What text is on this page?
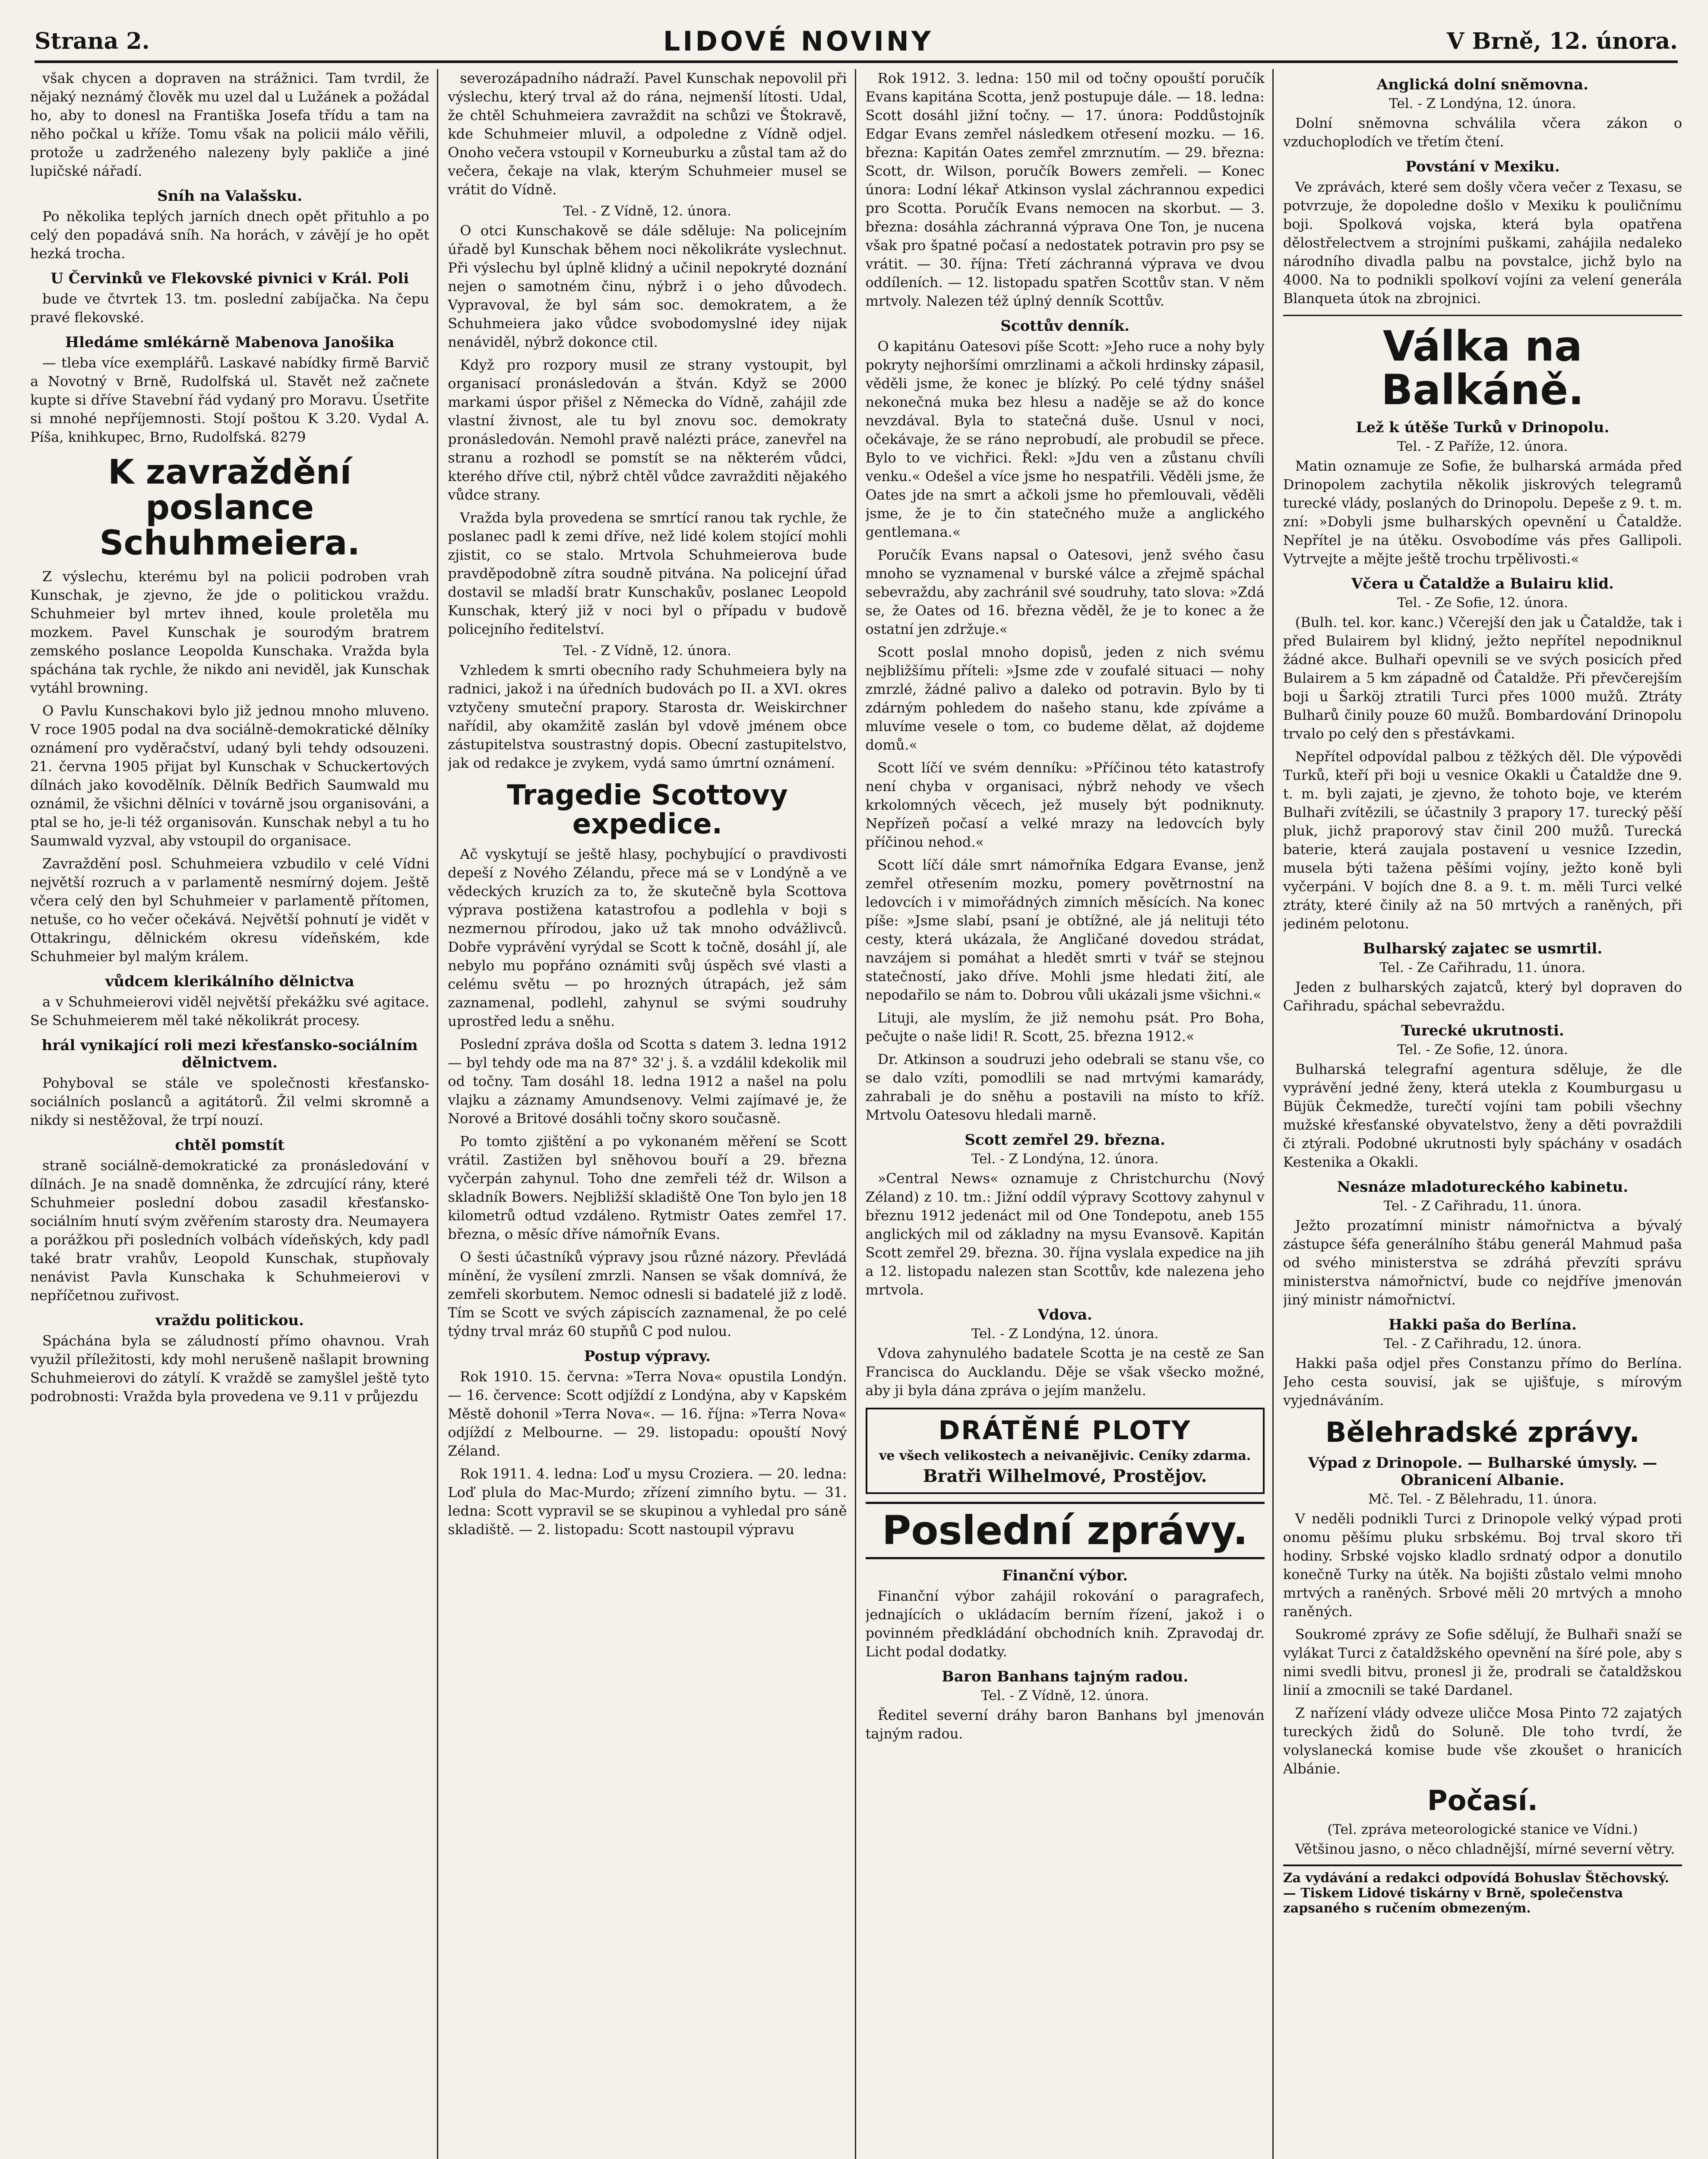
Strana 2.	LIDOVÉ NOVINY	V Brně, 12. února.

však chycen a dopraven na strážnici. Tam tvrdil, že nějaký neznámý člověk mu uzel dal u Lužánek a požádal ho, aby to donesl na Františka Josefa třídu a tam na něho počkal u kříže. Tomu však na policii málo věřili, protože u zadrženého nalezeny byly pakliče a jiné lupičské nářadí.

Sníh na Valašsku.

Po několika teplých jarních dnech opět přituhlo a po celý den popadává sníh. Na horách, v závějí je ho opět hezká trocha.

U Červinků ve Flekovské pivnici v Král. Poli

bude ve čtvrtek 13. tm. poslední zabíjačka. Na čepu pravé flekovské.

Hledáme smlékárně Mabenova Janošika

— tleba více exemplářů. Laskavé nabídky firmě Barvič a Novotný v Brně, Rudolfská ul. Stavět než začnete kupte si dříve Stavební řád vydaný pro Moravu. Úsetřite si mnohé nepříjemnosti. Stojí poštou K 3.20. Vydal A. Píša, knihkupec, Brno, Rudolfská. 8279

K zavraždění poslance Schuhmeiera.

Z výslechu, kterému byl na policii podroben vrah Kunschak, je zjevno, že jde o politickou vraždu. Schuhmeier byl mrtev ihned, koule proletěla mu mozkem. Pavel Kunschak je sourodým bratrem zemského poslance Leopolda Kunschaka. Vražda byla spáchána tak rychle, že nikdo ani neviděl, jak Kunschak vytáhl browning.

O Pavlu Kunschakovi bylo již jednou mnoho mluveno. V roce 1905 podal na dva sociálně-demokratické dělníky oznámení pro vyděračství, udaný byli tehdy odsouzeni. 21. června 1905 přijat byl Kunschak v Schuckertových dílnách jako kovodělník. Dělník Bedřich Saumwald mu oznámil, že všichni dělníci v továrně jsou organisováni, a ptal se ho, je-li též organisován. Kunschak nebyl a tu ho Saumwald vyzval, aby vstoupil do organisace.

Zavraždění posl. Schuhmeiera vzbudilo v celé Vídni největší rozruch a v parlamentě nesmírný dojem. Ještě včera celý den byl Schuhmeier v parlamentě přítomen, netuše, co ho večer očekává. Největší pohnutí je vidět v Ottakringu, dělnickém okresu vídeňském, kde Schuhmeier byl malým králem.

vůdcem klerikálního dělnictva

a v Schuhmeierovi viděl největší překážku své agitace. Se Schuhmeierem měl také několikrát procesy.

hrál vynikající roli mezi křesťansko-sociálním dělnictvem.

Pohyboval se stále ve společnosti křesťansko-sociálních poslanců a agitátorů. Žil velmi skromně a nikdy si nestěžoval, že trpí nouzí.

chtěl pomstít

straně sociálně-demokratické za pronásledování v dílnách. Je na snadě domněnka, že zdrcující rány, které Schuhmeier poslední dobou zasadil křesťansko-sociálním hnutí svým zvěřením starosty dra. Neumayera a porážkou při posledních volbách vídeňských, kdy padl také bratr vrahův, Leopold Kunschak, stupňovaly nenávist Pavla Kunschaka k Schuhmeierovi v nepříčetnou zuřivost.

vraždu politickou.

Spáchána byla se záludností přímo ohavnou. Vrah využil příležitosti, kdy mohl nerušeně našlapit browning Schuhmeierovi do zátylí. K vraždě se zamyšlel ještě tyto podrobnosti: Vražda byla provedena ve 9.11 v průjezdu

severozápadního nádraží. Pavel Kunschak nepovolil při výslechu, který trval až do rána, nejmenší lítosti. Udal, že chtěl Schuhmeiera zavraždit na schůzi ve Štokravě, kde Schuhmeier mluvil, a odpoledne z Vídně odjel. Onoho večera vstoupil v Korneuburku a zůstal tam až do večera, čekaje na vlak, kterým Schuhmeier musel se vrátit do Vídně.

Tel. - Z Vídně, 12. února.

O otci Kunschakově se dále sděluje: Na policejním úřadě byl Kunschak během noci několikráte vyslechnut. Při výslechu byl úplně klidný a učinil nepokryté doznání nejen o samotném činu, nýbrž i o jeho důvodech. Vypravoval, že byl sám soc. demokratem, a že Schuhmeiera jako vůdce svobodomyslné idey nijak nenáviděl, nýbrž dokonce ctil.

Když pro rozpory musil ze strany vystoupit, byl organisací pronásledován a štván. Když se 2000 markami úspor přišel z Německa do Vídně, zahájil zde vlastní živnost, ale tu byl znovu soc. demokraty pronásledován. Nemohl pravě nalézti práce, zanevřel na stranu a rozhodl se pomstít se na některém vůdci, kterého dříve ctil, nýbrž chtěl vůdce zavražditi nějakého vůdce strany.

Vražda byla provedena se smrtící ranou tak rychle, že poslanec padl k zemi dříve, než lidé kolem stojící mohli zjistit, co se stalo. Mrtvola Schuhmeierova bude pravděpodobně zítra soudně pitvána. Na policejní úřad dostavil se mladší bratr Kunschakův, poslanec Leopold Kunschak, který již v noci byl o případu v budově policejního ředitelství.

Tel. - Z Vídně, 12. února.

Vzhledem k smrti obecního rady Schuhmeiera byly na radnici, jakož i na úředních budovách po II. a XVI. okres vztyčeny smuteční prapory. Starosta dr. Weiskirchner nařídil, aby okamžitě zaslán byl vdově jménem obce zástupitelstva soustrastný dopis. Obecní zastupitelstvo, jak od redakce je zvykem, vydá samo úmrtní oznámení.

Tragedie Scottovy expedice.

Ač vyskytují se ještě hlasy, pochybující o pravdivosti depeší z Nového Zélandu, přece má se v Londýně a ve vědeckých kruzích za to, že skutečně byla Scottova výprava postižena katastrofou a podlehla v boji s nezmernou přírodou, jako už tak mnoho odvážlivců. Dobře vyprávění vyrýdal se Scott k točně, dosáhl jí, ale nebylo mu popřáno oznámiti svůj úspěch své vlasti a celému světu — po hrozných útrapách, jež sám zaznamenal, podlehl, zahynul se svými soudruhy uprostřed ledu a sněhu.

Poslední zpráva došla od Scotta s datem 3. ledna 1912 — byl tehdy ode ma na 87° 32' j. š. a vzdálil kdekolik mil od točny. Tam dosáhl 18. ledna 1912 a našel na polu vlajku a záznamy Amundsenovy. Velmi zajímavé je, že Norové a Britové dosáhli točny skoro současně.

Po tomto zjištění a po vykonaném měření se Scott vrátil. Zastižen byl sněhovou bouří a 29. března vyčerpán zahynul. Toho dne zemřeli též dr. Wilson a skladník Bowers. Nejbližší skladiště One Ton bylo jen 18 kilometrů odtud vzdáleno. Rytmistr Oates zemřel 17. března, o měsíc dříve námořník Evans.

O šesti účastníků výpravy jsou různé názory. Převládá mínění, že vysílení zmrzli. Nansen se však domnívá, že zemřeli skorbutem. Nemoc odnesli si badatelé již z lodě. Tím se Scott ve svých zápiscích zaznamenal, že po celé týdny trval mráz 60 stupňů C pod nulou.

Postup výpravy.

Rok 1910. 15. června: »Terra Nova« opustila Londýn. — 16. července: Scott odjíždí z Londýna, aby v Kapském Městě dohonil »Terra Nova«. — 16. října: »Terra Nova« odjíždí z Melbourne. — 29. listopadu: opouští Nový Zéland.

Rok 1911. 4. ledna: Loď u mysu Croziera. — 20. ledna: Loď plula do Mac-Murdo; zřízení zimního bytu. — 31. ledna: Scott vypravil se se skupinou a vyhledal pro sáně skladiště. — 2. listopadu: Scott nastoupil výpravu

Rok 1912. 3. ledna: 150 mil od točny opouští poručík Evans kapitána Scotta, jenž postupuje dále. — 18. ledna: Scott dosáhl jižní točny. — 17. února: Poddůstojník Edgar Evans zemřel následkem otřesení mozku. — 16. března: Kapitán Oates zemřel zmrznutím. — 29. března: Scott, dr. Wilson, poručík Bowers zemřeli. — Konec února: Lodní lékař Atkinson vyslal záchrannou expedici pro Scotta. Poručík Evans nemocen na skorbut. — 3. března: dosáhla záchranná výprava One Ton, je nucena však pro špatné počasí a nedostatek potravin pro psy se vrátit. — 30. října: Třetí záchranná výprava ve dvou oddíleních. — 12. listopadu spatřen Scottův stan. V něm mrtvoly. Nalezen též úplný denník Scottův.

Scottův denník.

O kapitánu Oatesovi píše Scott: »Jeho ruce a nohy byly pokryty nejhoršími omrzlinami a ačkoli hrdinsky zápasil, věděli jsme, že konec je blízký. Po celé týdny snášel nekonečná muka bez hlesu a naděje se až do konce nevzdával. Byla to statečná duše. Usnul v noci, očekávaje, že se ráno neprobudí, ale probudil se přece. Bylo to ve vichřici. Řekl: »Jdu ven a zůstanu chvíli venku.« Odešel a více jsme ho nespatřili. Věděli jsme, že Oates jde na smrt a ačkoli jsme ho přemlouvali, věděli jsme, že je to čin statečného muže a anglického gentlemana.«

Poručík Evans napsal o Oatesovi, jenž svého času mnoho se vyznamenal v burské válce a zřejmě spáchal sebevraždu, aby zachránil své soudruhy, tato slova: »Zdá se, že Oates od 16. března věděl, že je to konec a že ostatní jen zdržuje.«

Scott poslal mnoho dopisů, jeden z nich svému nejbližšímu příteli: »Jsme zde v zoufalé situaci — nohy zmrzlé, žádné palivo a daleko od potravin. Bylo by ti zdárným pohledem do našeho stanu, kde zpíváme a mluvíme vesele o tom, co budeme dělat, až dojdeme domů.«

Scott líčí ve svém denníku: »Příčinou této katastrofy není chyba v organisaci, nýbrž nehody ve všech krkolomných věcech, jež musely být podniknuty. Nepřízeň počasí a velké mrazy na ledovcích byly příčinou nehod.«

Scott líčí dále smrt námořníka Edgara Evanse, jenž zemřel otřesením mozku, pomery povětrnostní na ledovcích i v mimořádných zimních měsících. Na konec píše: »Jsme slabí, psaní je obtížné, ale já nelituji této cesty, která ukázala, že Angličané dovedou strádat, navzájem si pomáhat a hledět smrti v tvář se stejnou statečností, jako dříve. Mohli jsme hledati žití, ale nepodařilo se nám to. Dobrou vůli ukázali jsme všichni.«

Lituji, ale myslím, že již nemohu psát. Pro Boha, pečujte o naše lidi! R. Scott, 25. března 1912.«

Dr. Atkinson a soudruzi jeho odebrali se stanu vše, co se dalo vzíti, pomodlili se nad mrtvými kamarády, zahrabali je do sněhu a postavili na místo to kříž. Mrtvolu Oatesovu hledali marně.

Scott zemřel 29. března.
Tel. - Z Londýna, 12. února.

»Central News« oznamuje z Christchurchu (Nový Zéland) z 10. tm.: Jižní oddíl výpravy Scottovy zahynul v březnu 1912 jedenáct mil od One Tondepotu, aneb 155 anglických mil od základny na mysu Evansově. Kapitán Scott zemřel 29. března. 30. října vyslala expedice na jih a 12. listopadu nalezen stan Scottův, kde nalezena jeho mrtvola.

Vdova.
Tel. - Z Londýna, 12. února.

Vdova zahynulého badatele Scotta je na cestě ze San Francisca do Aucklandu. Děje se však všecko možné, aby ji byla dána zpráva o jejím manželu.

DRÁTĚNÉ PLOTY
ve všech velikostech a neivanějivic. Ceníky zdarma.
Bratři Wilhelmové, Prostějov.
Poslední zprávy.
Finanční výbor.

Finanční výbor zahájil rokování o paragrafech, jednajících o ukládacím berním řízení, jakož i o povinném předkládání obchodních knih. Zpravodaj dr. Licht podal dodatky.

Baron Banhans tajným radou.
Tel. - Z Vídně, 12. února.

Ředitel severní dráhy baron Banhans byl jmenován tajným radou.

Anglická dolní sněmovna.
Tel. - Z Londýna, 12. února.

Dolní sněmovna schválila včera zákon o vzduchoplodích ve třetím čtení.

Povstání v Mexiku.

Ve zprávách, které sem došly včera večer z Texasu, se potvrzuje, že dopoledne došlo v Mexiku k pouličnímu boji. Spolková vojska, která byla opatřena dělostřelectvem a strojními puškami, zahájila nedaleko národního divadla palbu na povstalce, jichž bylo na 4000. Na to podnikli spolkoví vojíni za velení generála Blanqueta útok na zbrojnici.

Válka na Balkáně.
Lež k útěše Turků v Drinopolu.
Tel. - Z Paříže, 12. února.

Matin oznamuje ze Sofie, že bulharská armáda před Drinopolem zachytila několik jiskrových telegramů turecké vlády, poslaných do Drinopolu. Depeše z 9. t. m. zní: »Dobyli jsme bulharských opevnění u Čataldže. Nepřítel je na útěku. Osvobodíme vás přes Gallipoli. Vytrvejte a mějte ještě trochu trpělivosti.«

Včera u Čataldže a Bulairu klid.
Tel. - Ze Sofie, 12. února.

(Bulh. tel. kor. kanc.) Včerejší den jak u Čataldže, tak i před Bulairem byl klidný, ježto nepřítel nepodniknul žádné akce. Bulhaři opevnili se ve svých posicích před Bulairem a 5 km západně od Čataldže. Při převčerejším boji u Šarköj ztratili Turci přes 1000 mužů. Ztráty Bulharů činily pouze 60 mužů. Bombardování Drinopolu trvalo po celý den s přestávkami.

Nepřítel odpovídal palbou z těžkých děl. Dle výpovědi Turků, kteří při boji u vesnice Okakli u Čataldže dne 9. t. m. byli zajati, je zjevno, že tohoto boje, ve kterém Bulhaři zvítězili, se účastnily 3 prapory 17. turecký pěší pluk, jichž praporový stav činil 200 mužů. Turecká baterie, která zaujala postavení u vesnice Izzedin, musela býti tažena pěšími vojíny, ježto koně byli vyčerpáni. V bojích dne 8. a 9. t. m. měli Turci velké ztráty, které činily až na 50 mrtvých a raněných, při jediném pelotonu.

Bulharský zajatec se usmrtil.
Tel. - Ze Cařihradu, 11. února.

Jeden z bulharských zajatců, který byl dopraven do Cařihradu, spáchal sebevraždu.

Turecké ukrutnosti.
Tel. - Ze Sofie, 12. února.

Bulharská telegrafní agentura sděluje, že dle vyprávění jedné ženy, která utekla z Koumburgasu u Büjük Čekmedže, turečtí vojíni tam pobili všechny mužské křesťanské obyvatelstvo, ženy a děti povraždili či ztýrali. Podobné ukrutnosti byly spáchány v osadách Kestenika a Okakli.

Nesnáze mladotureckého kabinetu.
Tel. - Z Cařihradu, 11. února.

Ježto prozatímní ministr námořnictva a bývalý zástupce šéfa generálního štábu generál Mahmud paša od svého ministerstva se zdráhá převzíti správu ministerstva námořnictví, bude co nejdříve jmenován jiný ministr námořnictví.

Hakki paša do Berlína.
Tel. - Z Cařihradu, 12. února.

Hakki paša odjel přes Constanzu přímo do Berlína. Jeho cesta souvisí, jak se ujišťuje, s mírovým vyjednáváním.

Bělehradské zprávy.
Výpad z Drinopole. — Bulharské úmysly. — Obranicení Albanie.
Mč. Tel. - Z Bělehradu, 11. února.

V neděli podnikli Turci z Drinopole velký výpad proti onomu pěšímu pluku srbskému. Boj trval skoro tři hodiny. Srbské vojsko kladlo srdnatý odpor a donutilo konečně Turky na útěk. Na bojišti zůstalo velmi mnoho mrtvých a raněných. Srbové měli 20 mrtvých a mnoho raněných.

Soukromé zprávy ze Sofie sdělují, že Bulhaři snaží se vylákat Turci z čataldžského opevnění na šíré pole, aby s nimi svedli bitvu, pronesl ji že, prodrali se čataldžskou linií a zmocnili se také Dardanel.

Z nařízení vlády odveze uličce Mosa Pinto 72 zajatých tureckých židů do Soluně. Dle toho tvrdí, že volyslanecká komise bude vše zkoušet o hranicích Albánie.

Počasí.
(Tel. zpráva meteorologické stanice ve Vídni.)

Většinou jasno, o něco chladnější, mírné severní větry.

Za vydávání a redakci odpovídá Bohuslav Štěchovský. — Tiskem Lidové tiskárny v Brně, společenstva zapsaného s ručením obmezeným.
